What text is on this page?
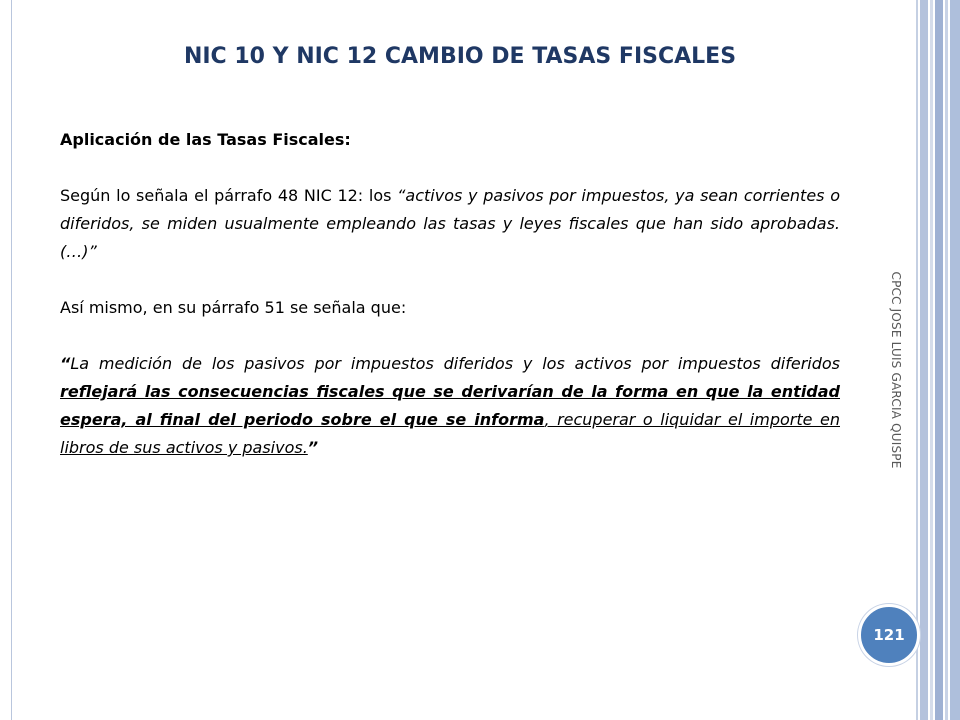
NIC 10 Y NIC 12 CAMBIO DE TASAS FISCALES

Aplicación de las Tasas Fiscales:

Según lo señala el párrafo 48 NIC 12: los “activos y pasivos por impuestos, ya sean corrientes o diferidos, se miden usualmente empleando las tasas y leyes fiscales que han sido aprobadas. (…)”

Así mismo, en su párrafo 51 se señala que:

“La medición de los pasivos por impuestos diferidos y los activos por impuestos diferidos reflejará las consecuencias fiscales que se derivarían de la forma en que la entidad espera, al final del periodo sobre el que se informa, recuperar o liquidar el importe en libros de sus activos y pasivos.”	CPCC JOSE LUIS GARCIA QUISPE
121
